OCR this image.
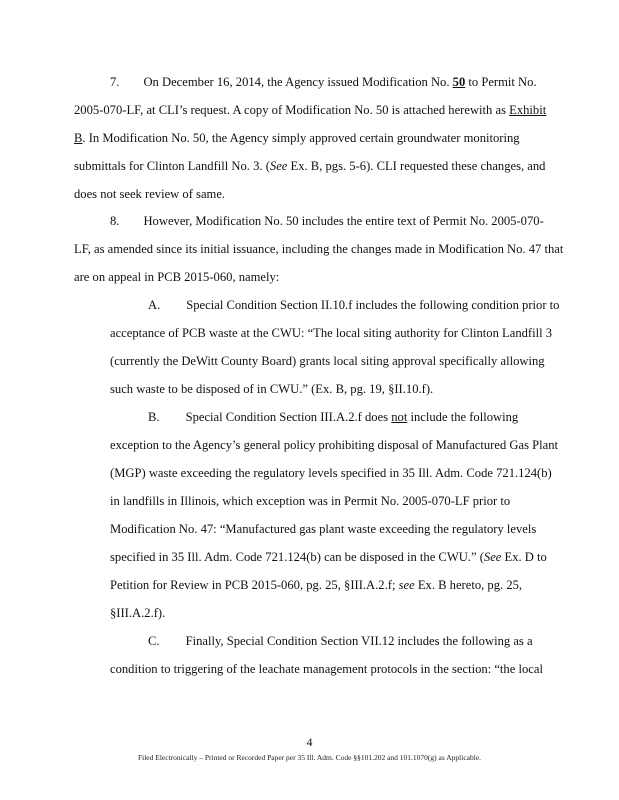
7. On December 16, 2014, the Agency issued Modification No. 50 to Permit No.
2005-070-LF, at CLI’s request. A copy of Modification No. 50 is attached herewith as Exhibit
B. In Modification No. 50, the Agency simply approved certain groundwater monitoring
submittals for Clinton Landfill No. 3. (See Ex. B, pgs. 5-6). CLI requested these changes, and
does not seek review of same.
8. However, Modification No. 50 includes the entire text of Permit No. 2005-070-
LF, as amended since its initial issuance, including the changes made in Modification No. 47 that
are on appeal in PCB 2015-060, namely:
A. Special Condition Section II.10.f includes the following condition prior to
acceptance of PCB waste at the CWU: “The local siting authority for Clinton Landfill 3
(currently the DeWitt County Board) grants local siting approval specifically allowing
such waste to be disposed of in CWU.” (Ex. B, pg. 19, §II.10.f).
B. Special Condition Section III.A.2.f does not include the following
exception to the Agency’s general policy prohibiting disposal of Manufactured Gas Plant
(MGP) waste exceeding the regulatory levels specified in 35 Ill. Adm. Code 721.124(b)
in landfills in Illinois, which exception was in Permit No. 2005-070-LF prior to
Modification No. 47: “Manufactured gas plant waste exceeding the regulatory levels
specified in 35 Ill. Adm. Code 721.124(b) can be disposed in the CWU.” (See Ex. D to
Petition for Review in PCB 2015-060, pg. 25, §III.A.2.f; see Ex. B hereto, pg. 25,
§III.A.2.f).
C. Finally, Special Condition Section VII.12 includes the following as a
condition to triggering of the leachate management protocols in the section: “the local
4
Filed Electronically – Printed or Recorded Paper per 35 Ill. Adm. Code §§101.202 and 101.1070(g) as Applicable.
